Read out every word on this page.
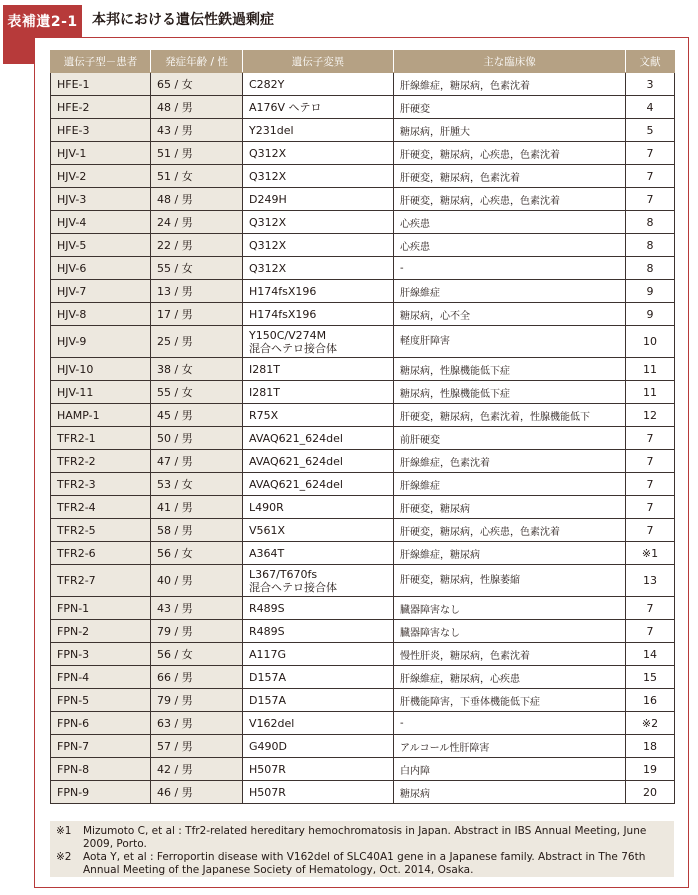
表補遺2-1 本邦における遺伝性鉄過剰症
遺伝子型－患者	発症年齢 / 性	遺伝子変異	主な臨床像	文献
HFE-1	65 / 女	C282Y	肝線維症，糖尿病，色素沈着	3
HFE-2	48 / 男	A176V ヘテロ	肝硬変	4
HFE-3	43 / 男	Y231del	糖尿病，肝腫大	5
HJV-1	51 / 男	Q312X	肝硬変，糖尿病，心疾患，色素沈着	7
HJV-2	51 / 女	Q312X	肝硬変，糖尿病，色素沈着	7
HJV-3	48 / 男	D249H	肝硬変，糖尿病，心疾患，色素沈着	7
HJV-4	24 / 男	Q312X	心疾患	8
HJV-5	22 / 男	Q312X	心疾患	8
HJV-6	55 / 女	Q312X	-	8
HJV-7	13 / 男	H174fsX196	肝線維症	9
HJV-8	17 / 男	H174fsX196	糖尿病，心不全	9
HJV-9	25 / 男	Y150C/V274M
混合ヘテロ接合体	軽度肝障害	10
HJV-10	38 / 女	I281T	糖尿病，性腺機能低下症	11
HJV-11	55 / 女	I281T	糖尿病，性腺機能低下症	11
HAMP-1	45 / 男	R75X	肝硬変，糖尿病，色素沈着，性腺機能低下	12
TFR2-1	50 / 男	AVAQ621_624del	前肝硬変	7
TFR2-2	47 / 男	AVAQ621_624del	肝線維症，色素沈着	7
TFR2-3	53 / 女	AVAQ621_624del	肝線維症	7
TFR2-4	41 / 男	L490R	肝硬変，糖尿病	7
TFR2-5	58 / 男	V561X	肝硬変，糖尿病，心疾患，色素沈着	7
TFR2-6	56 / 女	A364T	肝線維症，糖尿病	※1
TFR2-7	40 / 男	L367/T670fs
混合ヘテロ接合体	肝硬変，糖尿病，性腺萎縮	13
FPN-1	43 / 男	R489S	臓器障害なし	7
FPN-2	79 / 男	R489S	臓器障害なし	7
FPN-3	56 / 女	A117G	慢性肝炎，糖尿病，色素沈着	14
FPN-4	66 / 男	D157A	肝線維症，糖尿病，心疾患	15
FPN-5	79 / 男	D157A	肝機能障害，下垂体機能低下症	16
FPN-6	63 / 男	V162del	-	※2
FPN-7	57 / 男	G490D	アルコール性肝障害	18
FPN-8	42 / 男	H507R	白内障	19
FPN-9	46 / 男	H507R	糖尿病	20
※1	Mizumoto C, et al : Tfr2-related hereditary hemochromatosis in Japan. Abstract in IBS Annual Meeting, June 2009, Porto.
※2	Aota Y, et al : Ferroportin disease with V162del of SLC40A1 gene in a Japanese family. Abstract in The 76th Annual Meeting of the Japanese Society of Hematology, Oct. 2014, Osaka.
